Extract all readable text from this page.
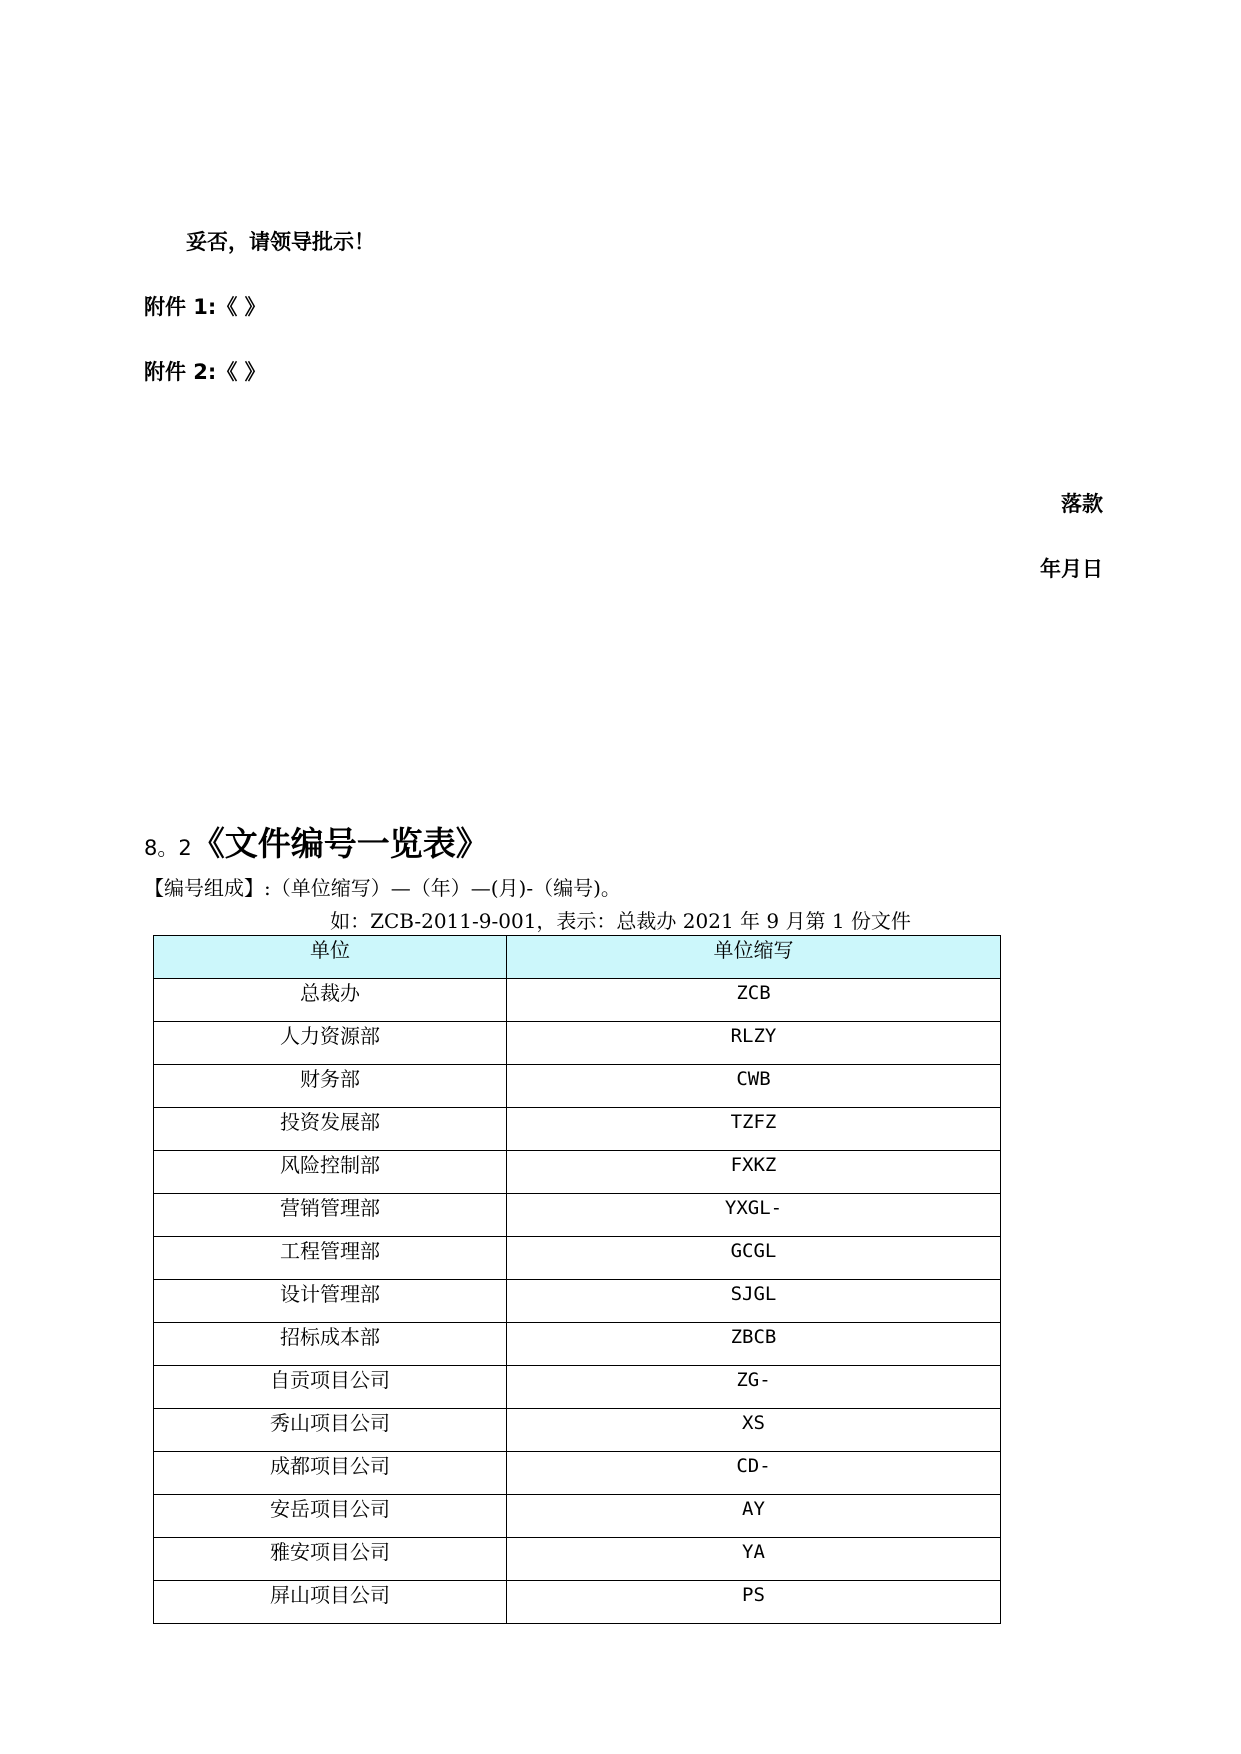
妥否，请领导批示！
附件 1:《 》
附件 2:《 》
落款
年月日
8。2《文件编号一览表》
【编号组成】:（单位缩写）—（年）—(月)-（编号)。
如：ZCB-2011-9-001，表示：总裁办 2021 年 9 月第 1 份文件
单位	单位缩写
总裁办	ZCB
人力资源部	RLZY
财务部	CWB
投资发展部	TZFZ
风险控制部	FXKZ
营销管理部	YXGL-
工程管理部	GCGL
设计管理部	SJGL
招标成本部	ZBCB
自贡项目公司	ZG-
秀山项目公司	XS
成都项目公司	CD-
安岳项目公司	AY
雅安项目公司	YA
屏山项目公司	PS
